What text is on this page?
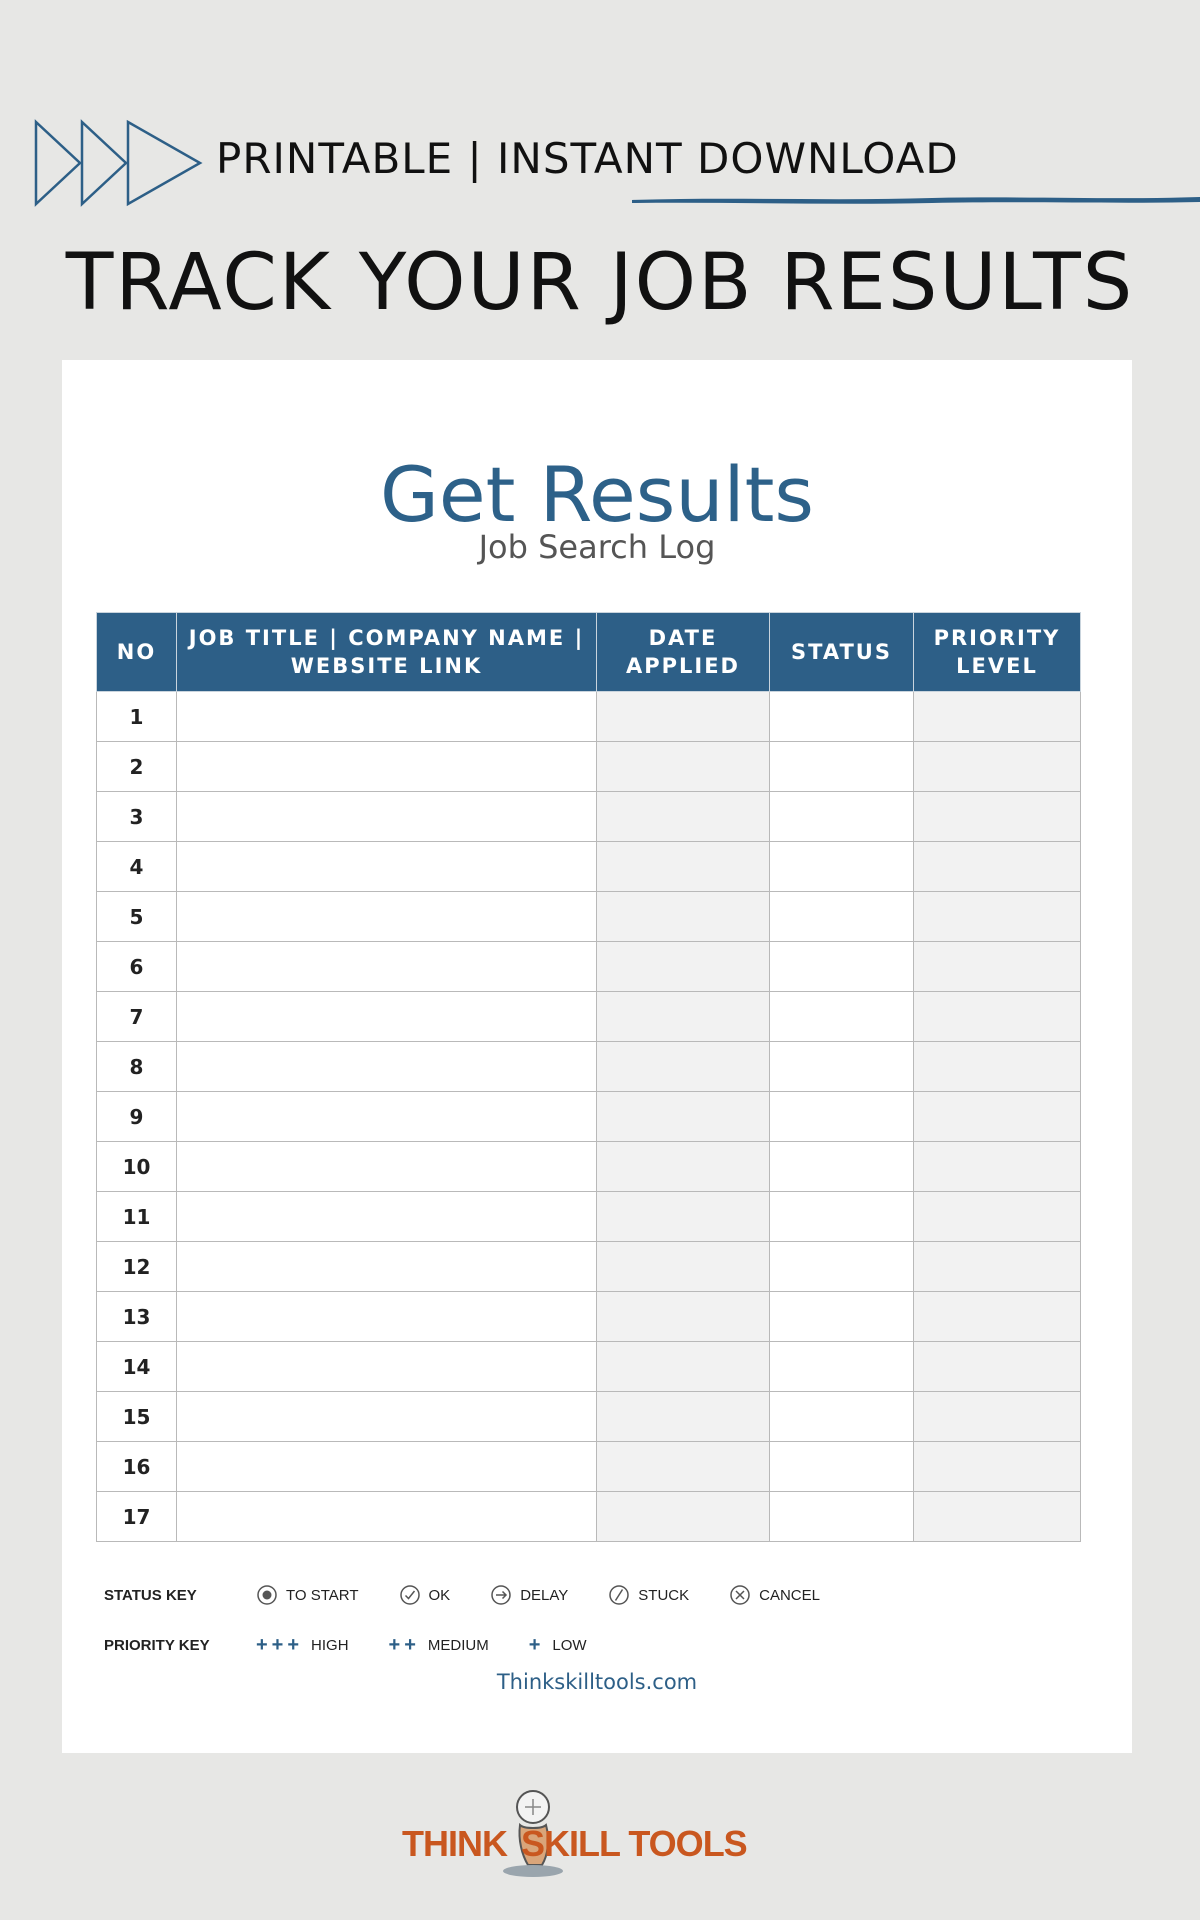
PRINTABLE | INSTANT DOWNLOAD
TRACK YOUR JOB RESULTS
Get Results
Job Search Log
NO	JOB TITLE | COMPANY NAME | WEBSITE LINK	DATE APPLIED	STATUS	PRIORITY LEVEL
1				
2				
3				
4				
5				
6				
7				
8				
9				
10				
11				
12				
13				
14				
15				
16				
17				
STATUS KEY	TO START	OK	DELAY	STUCK	CANCEL
PRIORITY KEY	+++ HIGH ++ MEDIUM + LOW
Thinkskilltools.com
THINK SKILL TOOLS
